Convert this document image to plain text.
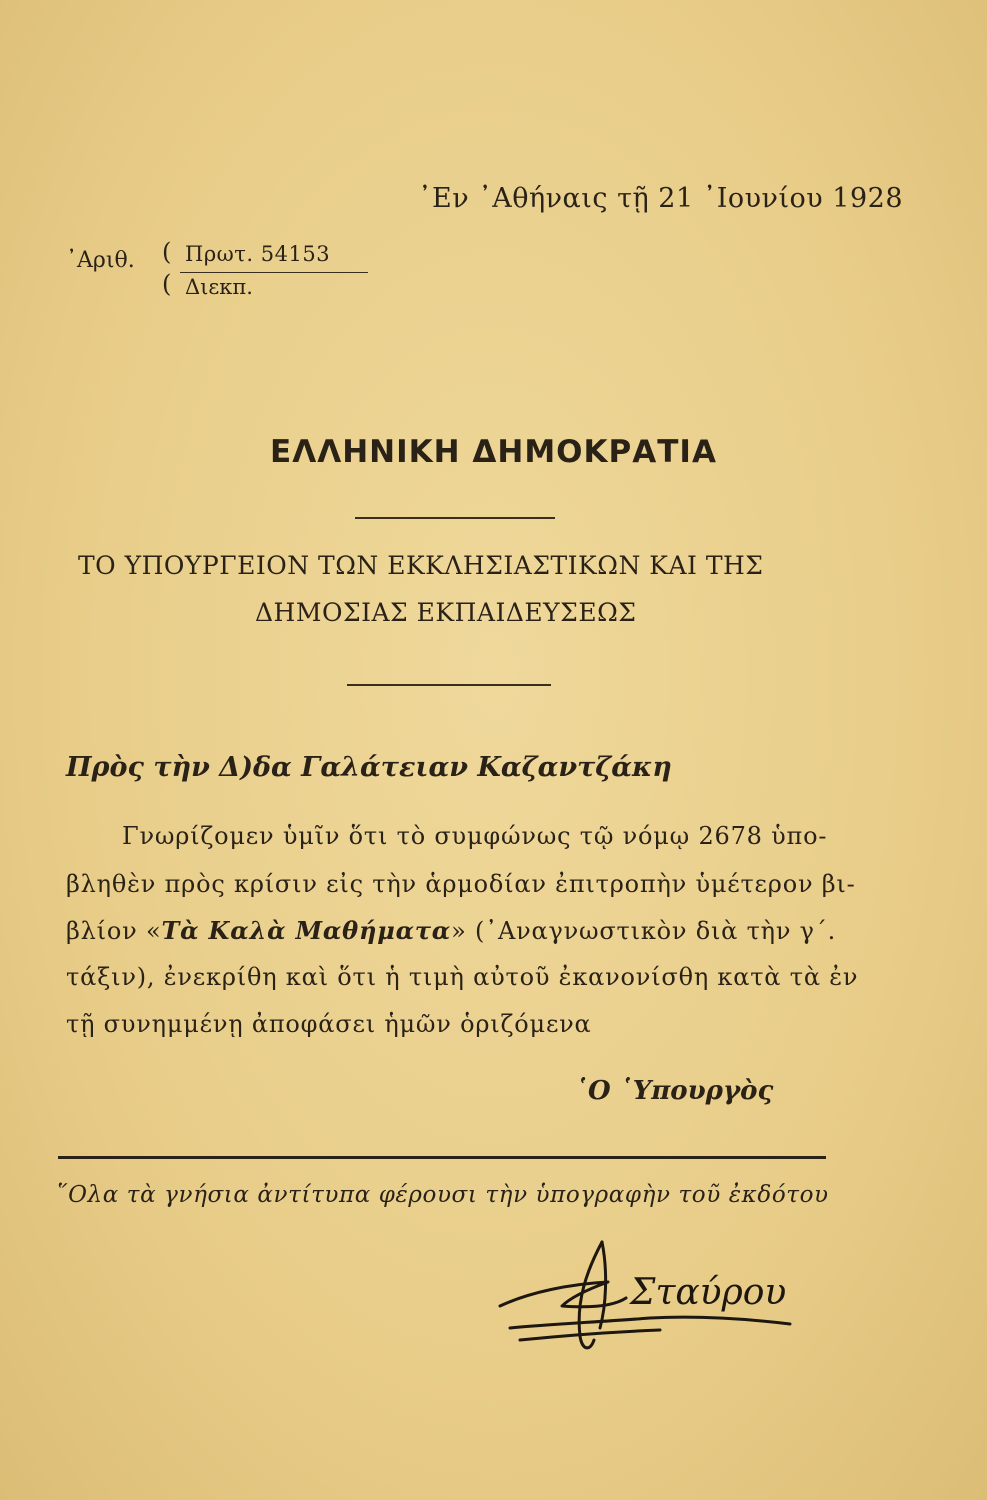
᾿Εν ᾿Αθήναις τῇ 21 ᾿Ιουνίου 1928
᾿Αριθ. (
(
Πρωτ. 54153
Διεκπ.
ΕΛΛΗΝΙΚΗ ΔΗΜΟΚΡΑΤΙΑ
ΤΟ ΥΠΟΥΡΓΕΙΟΝ ΤΩΝ ΕΚΚΛΗΣΙΑΣΤΙΚΩΝ ΚΑΙ ΤΗΣ
ΔΗΜΟΣΙΑΣ ΕΚΠΑΙΔΕΥΣΕΩΣ
Πρὸς τὴν Δ)δα Γαλάτειαν Καζαντζάκη
Γνωρίζομεν ὑμῖν ὅτι τὸ συμφώνως τῷ νόμῳ 2678 ὑπο-
βληθὲν πρὸς κρίσιν εἰς τὴν ἁρμοδίαν ἐπιτροπὴν ὑμέτερον βι-
βλίον «Τὰ Καλὰ Μαθήματα» (᾿Αναγνωστικὸν διὰ τὴν γ΄.
τάξιν), ἐνεκρίθη καὶ ὅτι ἡ τιμὴ αὐτοῦ ἐκανονίσθη κατὰ τὰ ἐν
τῇ συνημμένῃ ἀποφάσει ἡμῶν ὁριζόμενα
῾Ο ῾Υπουργὸς
῞Ολα τὰ γνήσια ἀντίτυπα φέρουσι τὴν ὑπογραφὴν τοῦ ἐκδότου
Σταύρου
